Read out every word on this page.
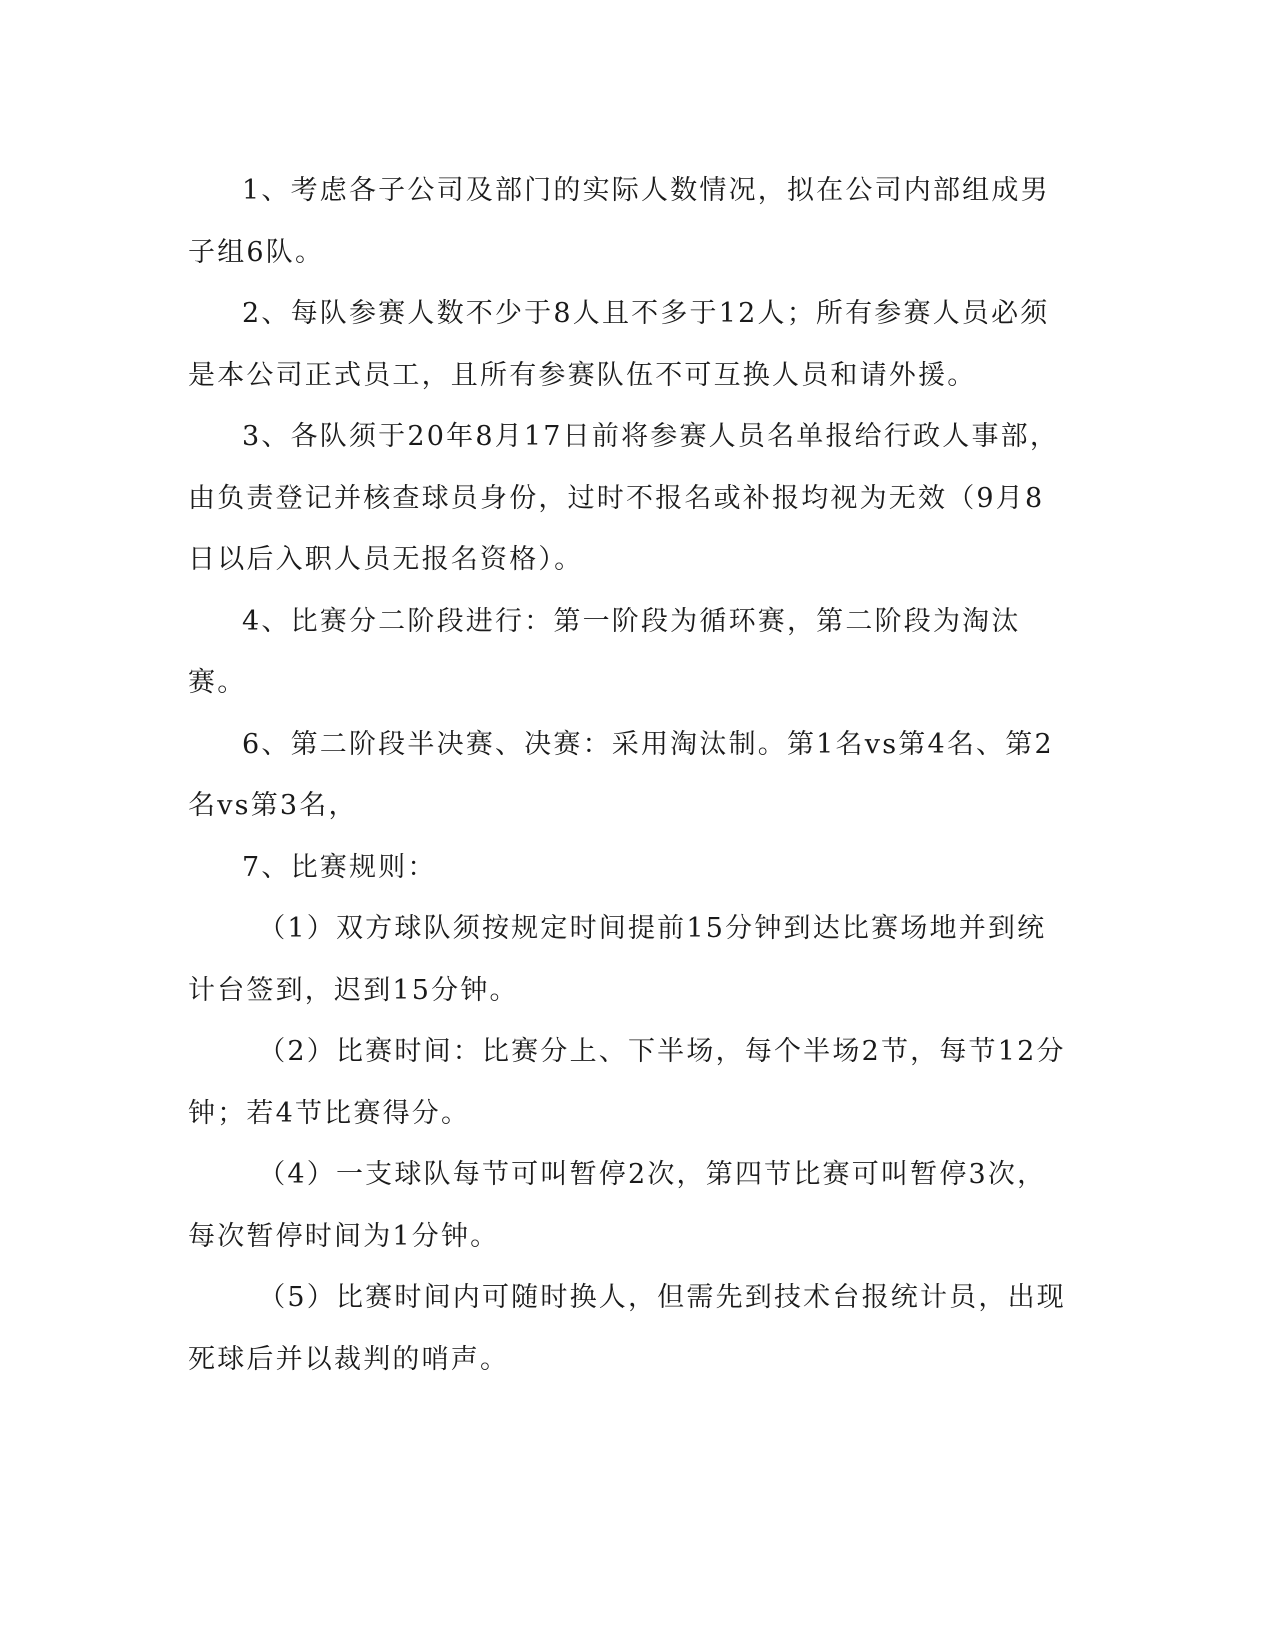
1、考虑各子公司及部门的实际人数情况，拟在公司内部组成男子组6队。

2、每队参赛人数不少于8人且不多于12人；所有参赛人员必须是本公司正式员工，且所有参赛队伍不可互换人员和请外援。

3、各队须于20年8月17日前将参赛人员名单报给行政人事部，由负责登记并核查球员身份，过时不报名或补报均视为无效（9月8日以后入职人员无报名资格）。

4、比赛分二阶段进行：第一阶段为循环赛，第二阶段为淘汰赛。

6、第二阶段半决赛、决赛：采用淘汰制。第1名vs第4名、第2名vs第3名，

7、比赛规则：

（1）双方球队须按规定时间提前15分钟到达比赛场地并到统计台签到，迟到15分钟。

（2）比赛时间：比赛分上、下半场，每个半场2节，每节12分钟；若4节比赛得分。

（4）一支球队每节可叫暂停2次，第四节比赛可叫暂停3次，每次暂停时间为1分钟。

（5）比赛时间内可随时换人，但需先到技术台报统计员，出现死球后并以裁判的哨声。
